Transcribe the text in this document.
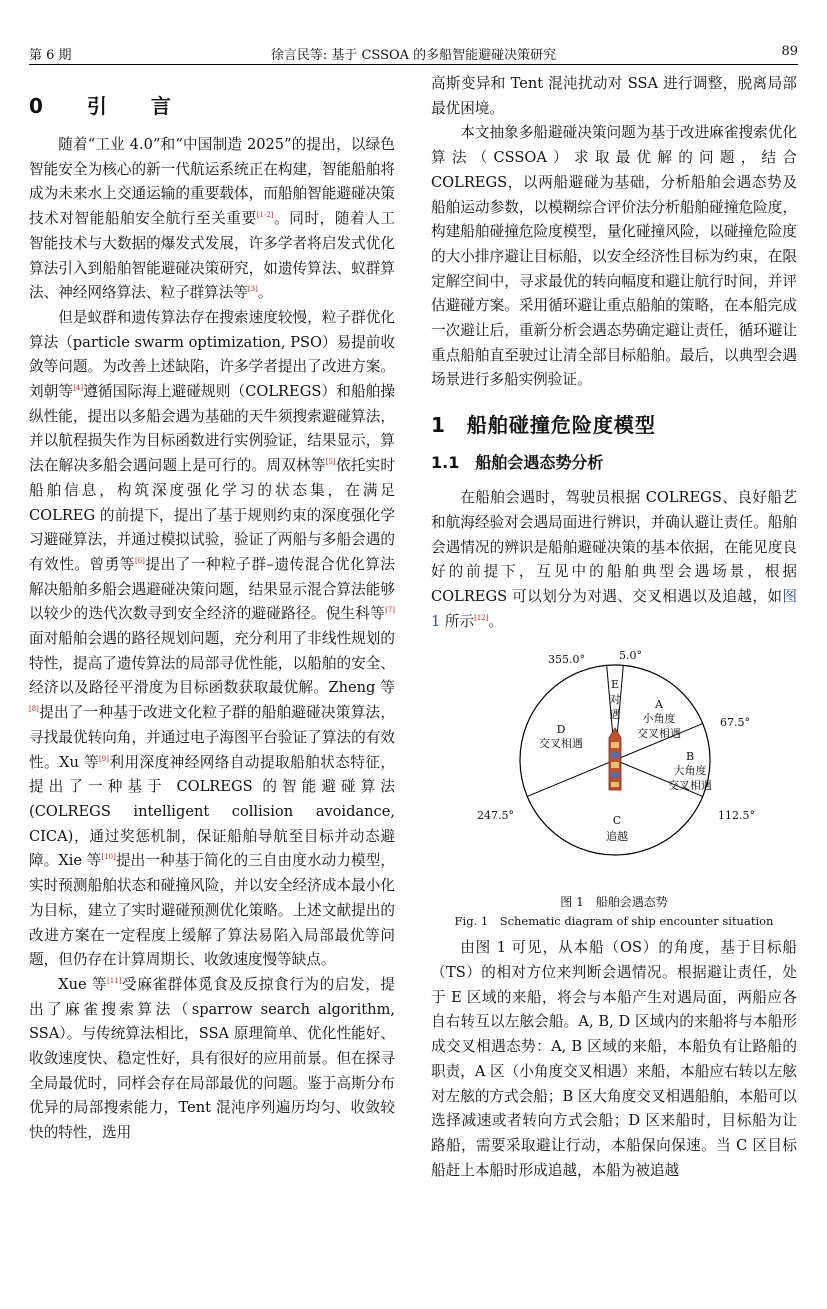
第 6 期	徐言民等: 基于 CSSOA 的多船智能避碰决策研究	89
0　引　言

随着“工业 4.0”和“中国制造 2025”的提出，以绿色智能安全为核心的新一代航运系统正在构建，智能船舶将成为未来水上交通运输的重要载体，而船舶智能避碰决策技术对智能船舶安全航行至关重要[1-2]。同时，随着人工智能技术与大数据的爆发式发展，许多学者将启发式优化算法引入到船舶智能避碰决策研究，如遗传算法、蚁群算法、神经网络算法、粒子群算法等[3]。

但是蚁群和遗传算法存在搜索速度较慢，粒子群优化算法（particle swarm optimization, PSO）易提前收敛等问题。为改善上述缺陷，许多学者提出了改进方案。刘朝等[4]遵循国际海上避碰规则（COLREGS）和船舶操纵性能，提出以多船会遇为基础的天牛须搜索避碰算法，并以航程损失作为目标函数进行实例验证，结果显示，算法在解决多船会遇问题上是可行的。周双林等[5]依托实时船舶信息，构筑深度强化学习的状态集，在满足 COLREG 的前提下，提出了基于规则约束的深度强化学习避碰算法，并通过模拟试验，验证了两船与多船会遇的有效性。曾勇等[6]提出了一种粒子群–遗传混合优化算法解决船舶多船会遇避碰决策问题，结果显示混合算法能够以较少的迭代次数寻到安全经济的避碰路径。倪生科等[7]面对船舶会遇的路径规划问题，充分利用了非线性规划的特性，提高了遗传算法的局部寻优性能，以船舶的安全、经济以及路径平滑度为目标函数获取最优解。Zheng 等[8]提出了一种基于改进文化粒子群的船舶避碰决策算法，寻找最优转向角，并通过电子海图平台验证了算法的有效性。Xu 等[9]利用深度神经网络自动提取船舶状态特征，提出了一种基于 COLREGS 的智能避碰算法 (COLREGS intelligent collision avoidance, CICA)，通过奖惩机制，保证船舶导航至目标并动态避障。Xie 等[10]提出一种基于简化的三自由度水动力模型，实时预测船舶状态和碰撞风险，并以安全经济成本最小化为目标，建立了实时避碰预测优化策略。上述文献提出的改进方案在一定程度上缓解了算法易陷入局部最优等问题，但仍存在计算周期长、收敛速度慢等缺点。

Xue 等[11]受麻雀群体觅食及反掠食行为的启发，提出了麻雀搜索算法（sparrow search algorithm, SSA）。与传统算法相比，SSA 原理简单、优化性能好、收敛速度快、稳定性好，具有很好的应用前景。但在探寻全局最优时，同样会存在局部最优的问题。鉴于高斯分布优异的局部搜索能力，Tent 混沌序列遍历均匀、收敛较快的特性，选用

高斯变异和 Tent 混沌扰动对 SSA 进行调整，脱离局部最优困境。

本文抽象多船避碰决策问题为基于改进麻雀搜索优化算法（CSSOA）求取最优解的问题，结合 COLREGS，以两船避碰为基础，分析船舶会遇态势及船舶运动参数，以模糊综合评价法分析船舶碰撞危险度，构建船舶碰撞危险度模型，量化碰撞风险，以碰撞危险度的大小排序避让目标船，以安全经济性目标为约束，在限定解空间中，寻求最优的转向幅度和避让航行时间，并评估避碰方案。采用循环避让重点船舶的策略，在本船完成一次避让后，重新分析会遇态势确定避让责任，循环避让重点船舶直至驶过让清全部目标船舶。最后，以典型会遇场景进行多船实例验证。

1　船舶碰撞危险度模型
1.1　船舶会遇态势分析

在船舶会遇时，驾驶员根据 COLREGS、良好船艺和航海经验对会遇局面进行辨识，并确认避让责任。船舶会遇情况的辨识是船舶避碰决策的基本依据，在能见度良好的前提下，互见中的船舶典型会遇场景，根据 COLREGS 可以划分为对遇、交叉相遇以及追越，如图 1 所示[12]。

355.0°	5.0°
67.5°
112.5°
247.5°
E
对
遇
A
小角度
交叉相遇
B
大角度
交叉相遇
C
追越
D
交叉相遇
图 1　船舶会遇态势
Fig. 1　Schematic diagram of ship encounter situation

由图 1 可见，从本船（OS）的角度，基于目标船（TS）的相对方位来判断会遇情况。根据避让责任，处于 E 区域的来船，将会与本船产生对遇局面，两船应各自右转互以左舷会船。A, B, D 区域内的来船将与本船形成交叉相遇态势：A, B 区域的来船，本船负有让路船的职责，A 区（小角度交叉相遇）来船，本船应右转以左舷对左舷的方式会船；B 区大角度交叉相遇船舶，本船可以选择减速或者转向方式会船；D 区来船时，目标船为让路船，需要采取避让行动，本船保向保速。当 C 区目标船赶上本船时形成追越，本船为被追越
